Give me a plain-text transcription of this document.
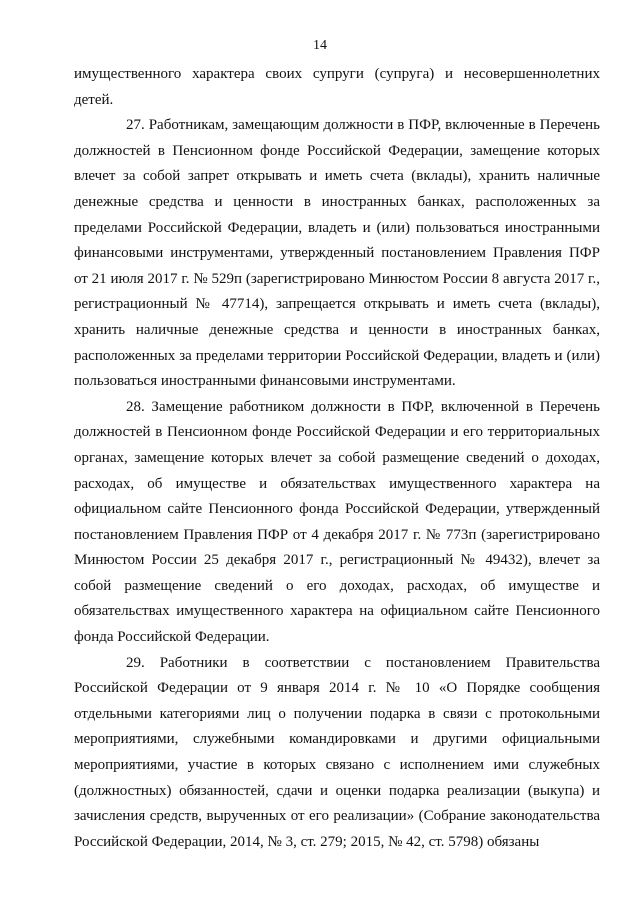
14

имущественного характера своих супруги (супруга) и несовершеннолетних детей.

27. Работникам, замещающим должности в ПФР, включенные в Перечень должностей в Пенсионном фонде Российской Федерации, замещение которых влечет за собой запрет открывать и иметь счета (вклады), хранить наличные денежные средства и ценности в иностранных банках, расположенных за пределами Российской Федерации, владеть и (или) пользоваться иностранными финансовыми инструментами, утвержденный постановлением Правления ПФР от 21 июля 2017 г. № 529п (зарегистрировано Минюстом России 8 августа 2017 г., регистрационный № 47714), запрещается открывать и иметь счета (вклады), хранить наличные денежные средства и ценности в иностранных банках, расположенных за пределами территории Российской Федерации, владеть и (или) пользоваться иностранными финансовыми инструментами.

28. Замещение работником должности в ПФР, включенной в Перечень должностей в Пенсионном фонде Российской Федерации и его территориальных органах, замещение которых влечет за собой размещение сведений о доходах, расходах, об имуществе и обязательствах имущественного характера на официальном сайте Пенсионного фонда Российской Федерации, утвержденный постановлением Правления ПФР от 4 декабря 2017 г. № 773п (зарегистрировано Минюстом России 25 декабря 2017 г., регистрационный № 49432), влечет за собой размещение сведений о его доходах, расходах, об имуществе и обязательствах имущественного характера на официальном сайте Пенсионного фонда Российской Федерации.

29. Работники в соответствии с постановлением Правительства Российской Федерации от 9 января 2014 г. № 10 «О Порядке сообщения отдельными категориями лиц о получении подарка в связи с протокольными мероприятиями, служебными командировками и другими официальными мероприятиями, участие в которых связано с исполнением ими служебных (должностных) обязанностей, сдачи и оценки подарка реализации (выкупа) и зачисления средств, вырученных от его реализации» (Собрание законодательства Российской Федерации, 2014, № 3, ст. 279; 2015, № 42, ст. 5798) обязаны
